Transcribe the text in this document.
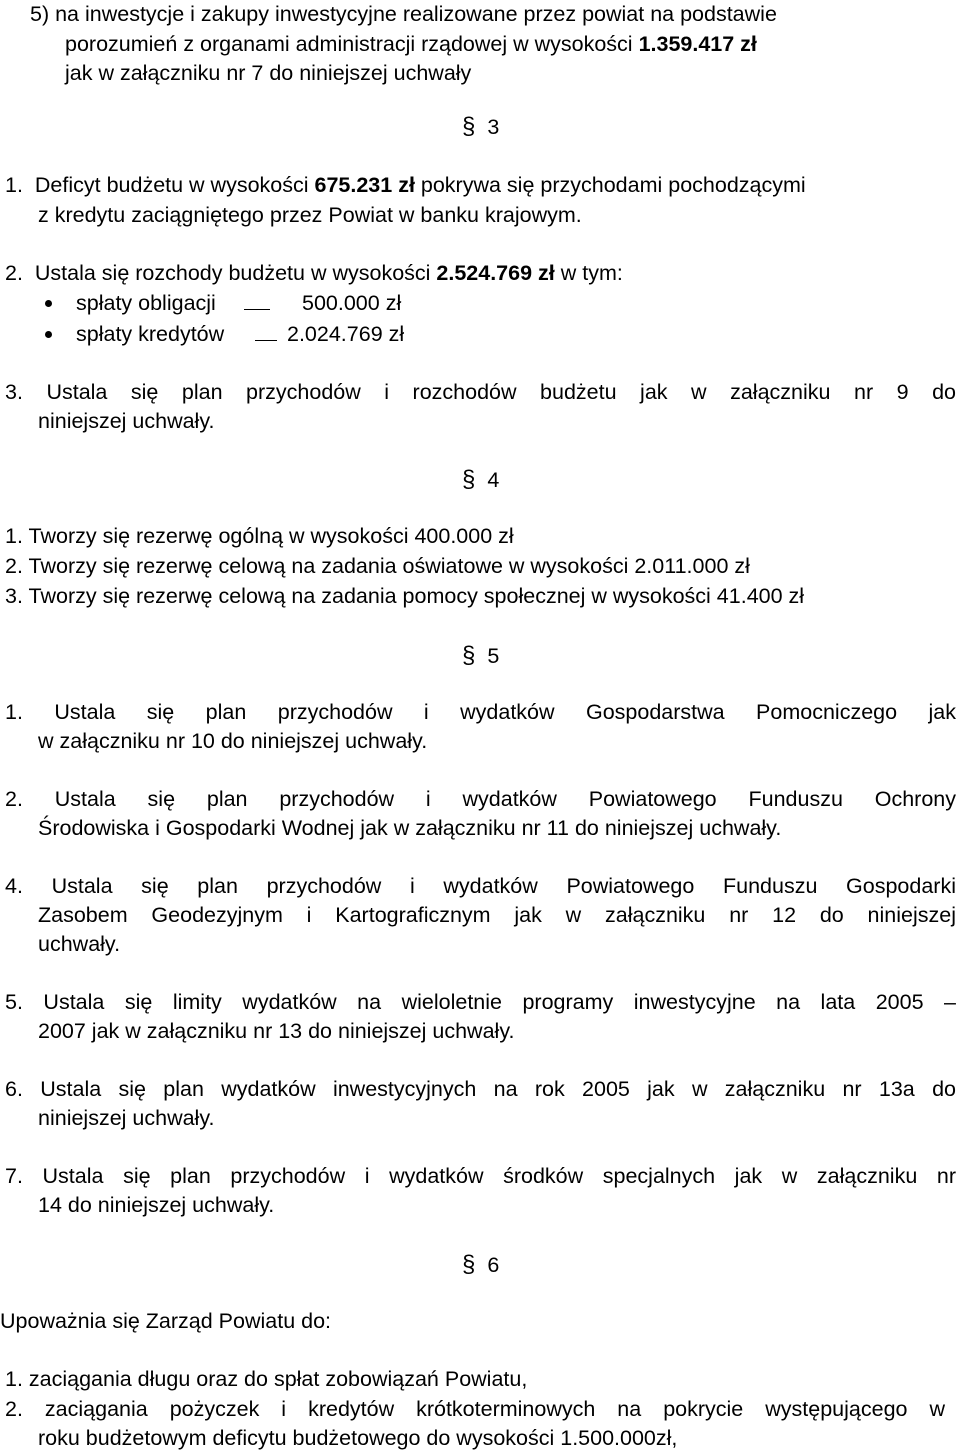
5) na inwestycje i zakupy inwestycyjne realizowane przez powiat na podstawie
porozumień z organami administracji rządowej w wysokości 1.359.417 zł
jak w załączniku nr 7 do niniejszej uchwały
§ 3
1. Deficyt budżetu w wysokości 675.231 zł pokrywa się przychodami pochodzącymi
z kredytu zaciągniętego przez Powiat w banku krajowym.
2. Ustala się rozchody budżetu w wysokości 2.524.769 zł w tym:
spłaty obligacji	500.000 zł
spłaty kredytów	2.024.769 zł
3. Ustala się plan przychodów i rozchodów budżetu jak w załączniku nr 9 do
niniejszej uchwały.
§ 4
1. Tworzy się rezerwę ogólną w wysokości 400.000 zł
2. Tworzy się rezerwę celową na zadania oświatowe w wysokości 2.011.000 zł
3. Tworzy się rezerwę celową na zadania pomocy społecznej w wysokości 41.400 zł
§ 5
1. Ustala się plan przychodów i wydatków Gospodarstwa Pomocniczego jak
w załączniku nr 10 do niniejszej uchwały.
2. Ustala się plan przychodów i wydatków Powiatowego Funduszu Ochrony
Środowiska i Gospodarki Wodnej jak w załączniku nr 11 do niniejszej uchwały.
4. Ustala się plan przychodów i wydatków Powiatowego Funduszu Gospodarki
Zasobem Geodezyjnym i Kartograficznym jak w załączniku nr 12 do niniejszej
uchwały.
5. Ustala się limity wydatków na wieloletnie programy inwestycyjne na lata 2005 –
2007 jak w załączniku nr 13 do niniejszej uchwały.
6. Ustala się plan wydatków inwestycyjnych na rok 2005 jak w załączniku nr 13a do
niniejszej uchwały.
7. Ustala się plan przychodów i wydatków środków specjalnych jak w załączniku nr
14 do niniejszej uchwały.
§ 6
Upoważnia się Zarząd Powiatu do:
1. zaciągania długu oraz do spłat zobowiązań Powiatu,
2. zaciągania pożyczek i kredytów krótkoterminowych na pokrycie występującego w
roku budżetowym deficytu budżetowego do wysokości 1.500.000zł,
